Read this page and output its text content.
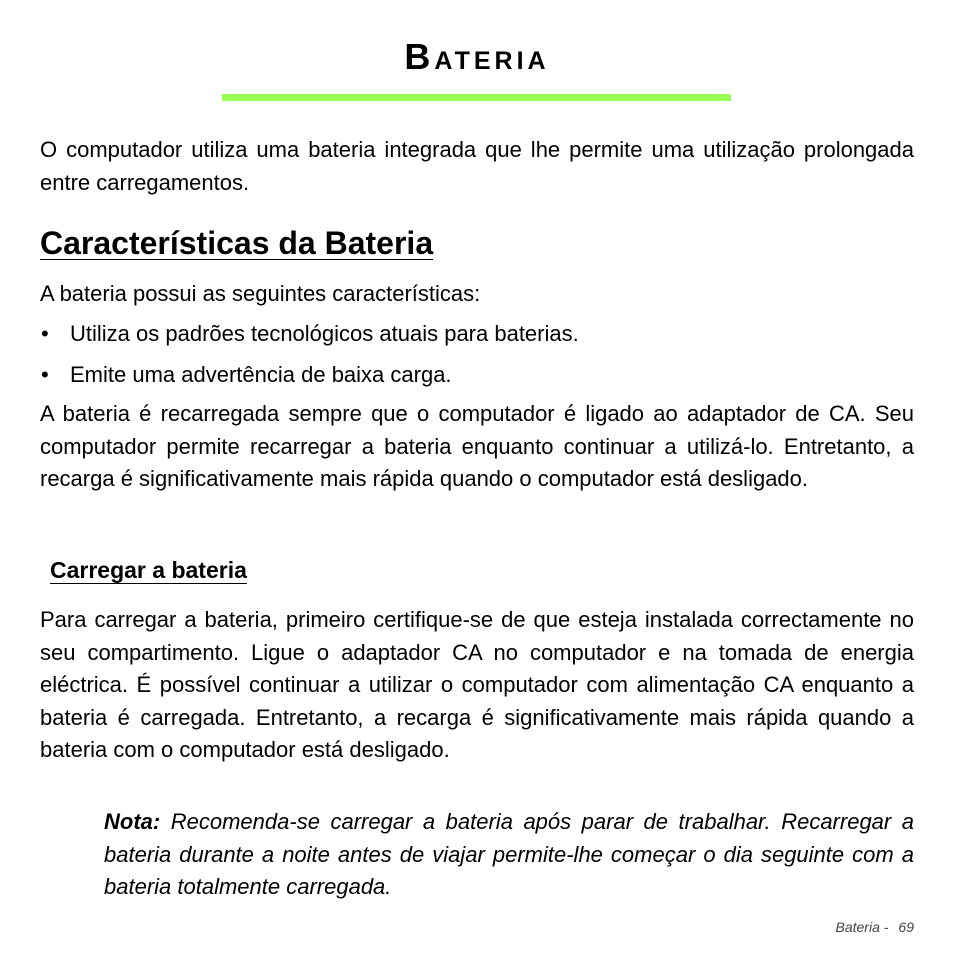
Bateria

O computador utiliza uma bateria integrada que lhe permite uma utilização prolongada entre carregamentos.

Características da Bateria

A bateria possui as seguintes características:

• Utiliza os padrões tecnológicos atuais para baterias.
• Emite uma advertência de baixa carga.

A bateria é recarregada sempre que o computador é ligado ao adaptador de CA. Seu computador permite recarregar a bateria enquanto continuar a utilizá-lo. Entretanto, a recarga é significativamente mais rápida quando o computador está desligado.

Carregar a bateria

Para carregar a bateria, primeiro certifique-se de que esteja instalada correctamente no seu compartimento. Ligue o adaptador CA no computador e na tomada de energia eléctrica. É possível continuar a utilizar o computador com alimentação CA enquanto a bateria é carregada. Entretanto, a recarga é significativamente mais rápida quando a bateria com o computador está desligado.

Nota: Recomenda-se carregar a bateria após parar de trabalhar. Recarregar a bateria durante a noite antes de viajar permite-lhe começar o dia seguinte com a bateria totalmente carregada.

Bateria - 69
